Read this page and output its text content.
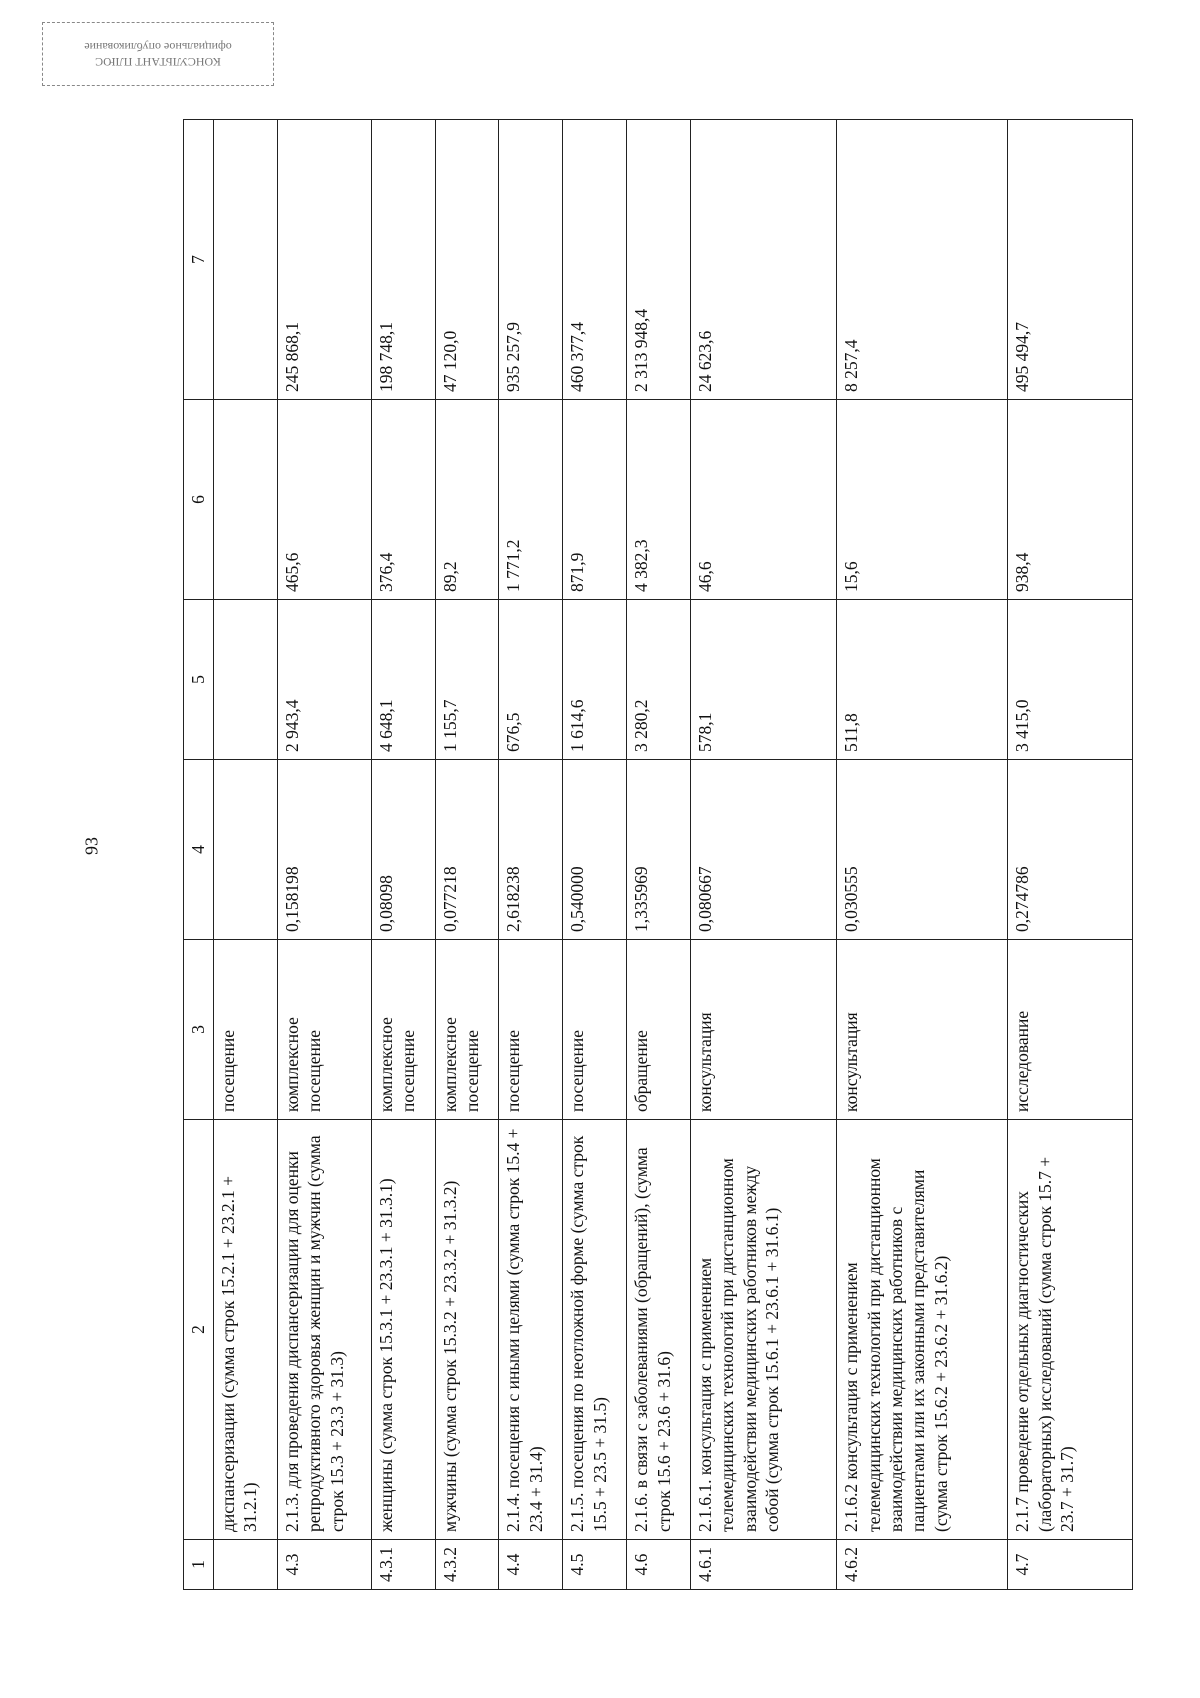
КОНСУЛЬТАНТ ПЛЮС
официальное опубликование
93
1	2	3	4	5	6	7
	диспансеризации (сумма строк 15.2.1 + 23.2.1 + 31.2.1)	посещение				
4.3	2.1.3. для проведения диспансеризации для оценки репродуктивного здоровья женщин и мужчин (сумма строк 15.3 + 23.3 + 31.3)	комплексное посещение	0,158198	2 943,4	465,6	245 868,1
4.3.1	женщины (сумма строк 15.3.1 + 23.3.1 + 31.3.1)	комплексное посещение	0,08098	4 648,1	376,4	198 748,1
4.3.2	мужчины (сумма строк 15.3.2 + 23.3.2 + 31.3.2)	комплексное посещение	0,077218	1 155,7	89,2	47 120,0
4.4	2.1.4. посещения с иными целями (сумма строк 15.4 + 23.4 + 31.4)	посещение	2,618238	676,5	1 771,2	935 257,9
4.5	2.1.5. посещения по неотложной форме (сумма строк 15.5 + 23.5 + 31.5)	посещение	0,540000	1 614,6	871,9	460 377,4
4.6	2.1.6. в связи с заболеваниями (обращений), (сумма строк 15.6 + 23.6 + 31.6)	обращение	1,335969	3 280,2	4 382,3	2 313 948,4
4.6.1	2.1.6.1. консультация с применением телемедицинских технологий при дистанционном взаимодействии медицинских работников между собой (сумма строк 15.6.1 + 23.6.1 + 31.6.1)	консультация	0,080667	578,1	46,6	24 623,6
4.6.2	2.1.6.2 консультация с применением телемедицинских технологий при дистанционном взаимодействии медицинских работников с пациентами или их законными представителями (сумма строк 15.6.2 + 23.6.2 + 31.6.2)	консультация	0,030555	511,8	15,6	8 257,4
4.7	2.1.7 проведение отдельных диагностических (лабораторных) исследований (сумма строк 15.7 + 23.7 + 31.7)	исследование	0,274786	3 415,0	938,4	495 494,7
